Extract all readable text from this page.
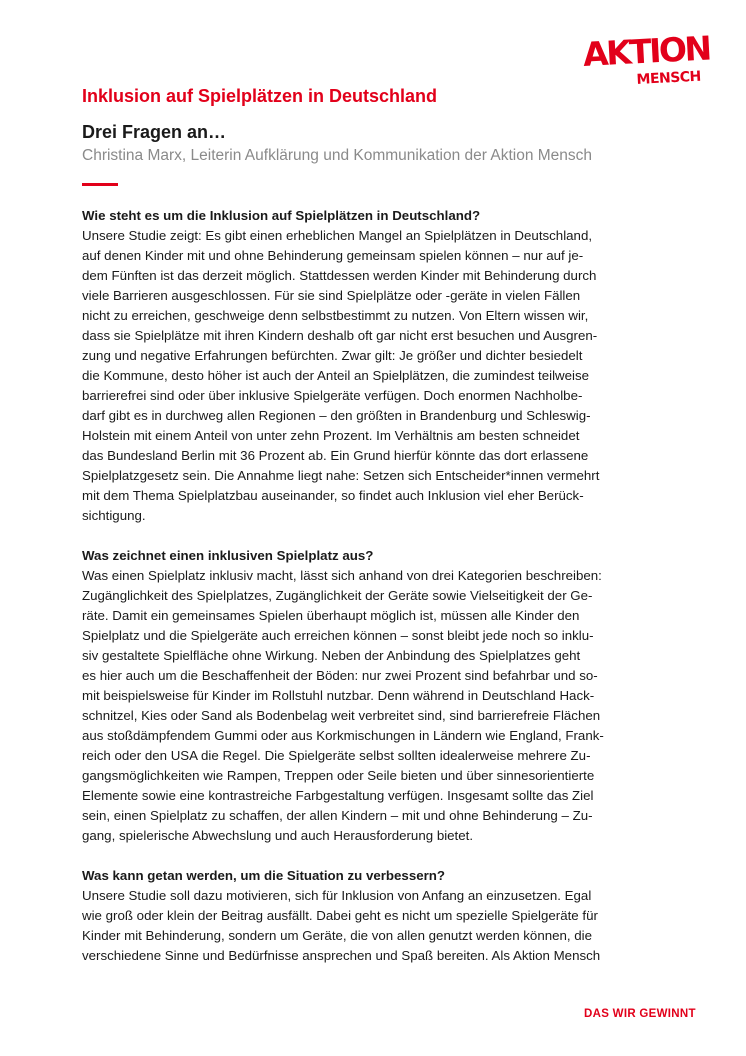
AKTION
MENSCH
Inklusion auf Spielplätzen in Deutschland
Drei Fragen an…
Christina Marx, Leiterin Aufklärung und Kommunikation der Aktion Mensch
Wie steht es um die Inklusion auf Spielplätzen in Deutschland?
Unsere Studie zeigt: Es gibt einen erheblichen Mangel an Spielplätzen in Deutschland,
auf denen Kinder mit und ohne Behinderung gemeinsam spielen können – nur auf je-
dem Fünften ist das derzeit möglich. Stattdessen werden Kinder mit Behinderung durch
viele Barrieren ausgeschlossen. Für sie sind Spielplätze oder -geräte in vielen Fällen
nicht zu erreichen, geschweige denn selbstbestimmt zu nutzen. Von Eltern wissen wir,
dass sie Spielplätze mit ihren Kindern deshalb oft gar nicht erst besuchen und Ausgren-
zung und negative Erfahrungen befürchten. Zwar gilt: Je größer und dichter besiedelt
die Kommune, desto höher ist auch der Anteil an Spielplätzen, die zumindest teilweise
barrierefrei sind oder über inklusive Spielgeräte verfügen. Doch enormen Nachholbe-
darf gibt es in durchweg allen Regionen – den größten in Brandenburg und Schleswig-
Holstein mit einem Anteil von unter zehn Prozent. Im Verhältnis am besten schneidet
das Bundesland Berlin mit 36 Prozent ab. Ein Grund hierfür könnte das dort erlassene
Spielplatzgesetz sein. Die Annahme liegt nahe: Setzen sich Entscheider*innen vermehrt
mit dem Thema Spielplatzbau auseinander, so findet auch Inklusion viel eher Berück-
sichtigung.
Was zeichnet einen inklusiven Spielplatz aus?
Was einen Spielplatz inklusiv macht, lässt sich anhand von drei Kategorien beschreiben:
Zugänglichkeit des Spielplatzes, Zugänglichkeit der Geräte sowie Vielseitigkeit der Ge-
räte. Damit ein gemeinsames Spielen überhaupt möglich ist, müssen alle Kinder den
Spielplatz und die Spielgeräte auch erreichen können – sonst bleibt jede noch so inklu-
siv gestaltete Spielfläche ohne Wirkung. Neben der Anbindung des Spielplatzes geht
es hier auch um die Beschaffenheit der Böden: nur zwei Prozent sind befahrbar und so-
mit beispielsweise für Kinder im Rollstuhl nutzbar. Denn während in Deutschland Hack-
schnitzel, Kies oder Sand als Bodenbelag weit verbreitet sind, sind barrierefreie Flächen
aus stoßdämpfendem Gummi oder aus Korkmischungen in Ländern wie England, Frank-
reich oder den USA die Regel. Die Spielgeräte selbst sollten idealerweise mehrere Zu-
gangsmöglichkeiten wie Rampen, Treppen oder Seile bieten und über sinnesorientierte
Elemente sowie eine kontrastreiche Farbgestaltung verfügen. Insgesamt sollte das Ziel
sein, einen Spielplatz zu schaffen, der allen Kindern – mit und ohne Behinderung – Zu-
gang, spielerische Abwechslung und auch Herausforderung bietet.
Was kann getan werden, um die Situation zu verbessern?
Unsere Studie soll dazu motivieren, sich für Inklusion von Anfang an einzusetzen. Egal
wie groß oder klein der Beitrag ausfällt. Dabei geht es nicht um spezielle Spielgeräte für
Kinder mit Behinderung, sondern um Geräte, die von allen genutzt werden können, die
verschiedene Sinne und Bedürfnisse ansprechen und Spaß bereiten. Als Aktion Mensch
DAS WIR GEWINNT
